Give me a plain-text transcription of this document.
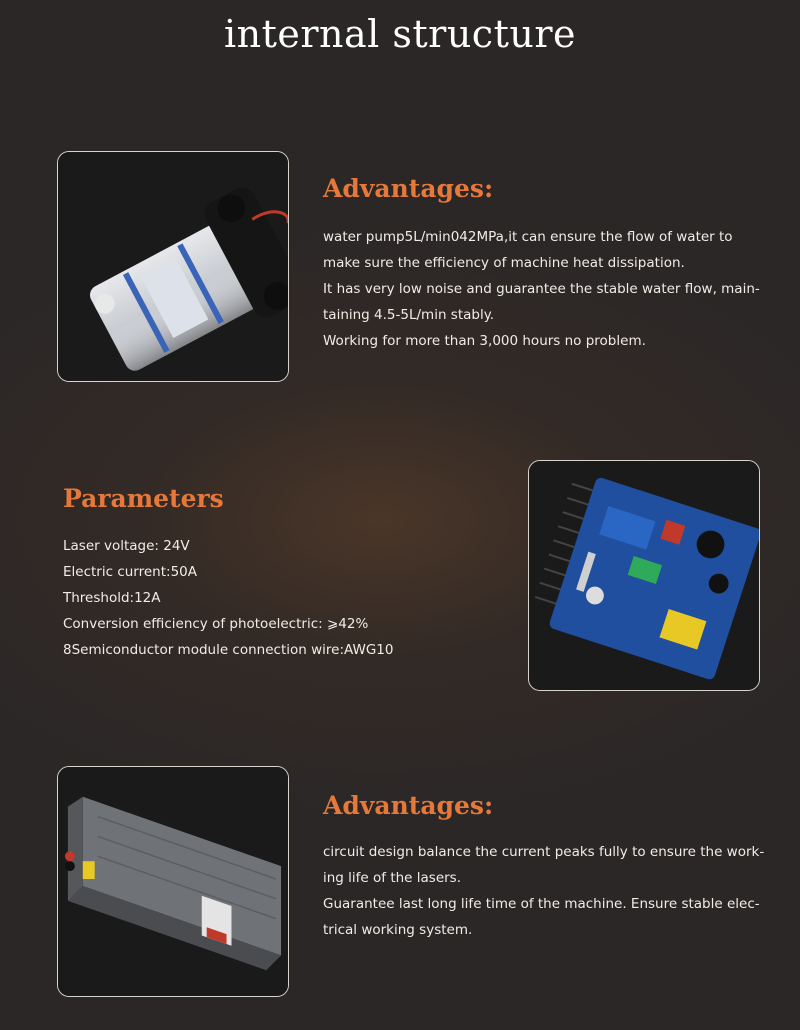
internal structure
Advantages:

water pump5L/min042MPa,it can ensure the flow of water to
make sure the efficiency of machine heat dissipation.
It has very low noise and guarantee the stable water flow, main-
taining 4.5-5L/min stably.
Working for more than 3,000 hours no problem.

Parameters

Laser voltage: 24V
Electric current:50A
Threshold:12A
Conversion efficiency of photoelectric: ⩾42%
8Semiconductor module connection wire:AWG10

Advantages:

circuit design balance the current peaks fully to ensure the work-
ing life of the lasers.
Guarantee last long life time of the machine. Ensure stable elec-
trical working system.
